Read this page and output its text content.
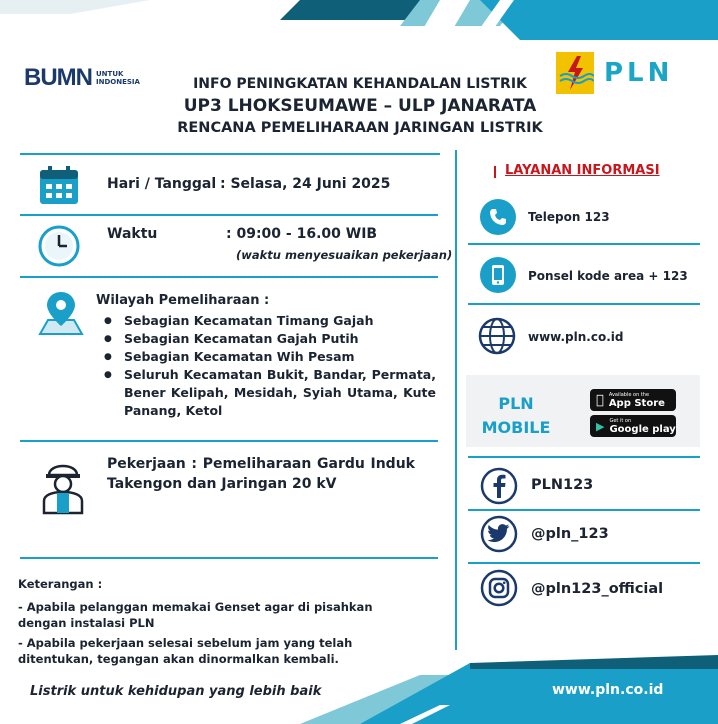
BUMN UNTUK
INDONESIA	PLN
INFO PENINGKATAN KEHANDALAN LISTRIK
UP3 LHOKSEUMAWE – ULP JANARATA
RENCANA PEMELIHARAAN JARINGAN LISTRIK
Hari / Tanggal : Selasa, 24 Juni 2025
Waktu	: 09:00 - 16.00 WIB
(waktu menyesuaikan pekerjaan)
Wilayah Pemeliharaan :
● Sebagian Kecamatan Timang Gajah
● Sebagian Kecamatan Gajah Putih
● Sebagian Kecamatan Wih Pesam
● Seluruh Kecamatan Bukit, Bandar, Permata, Bener Kelipah, Mesidah, Syiah Utama, Kute Panang, Ketol
Pekerjaan : Pemeliharaan Gardu Induk Takengon dan Jaringan 20 kV
Keterangan :
- Apabila pelanggan memakai Genset agar di pisahkan dengan instalasi PLN
- Apabila pekerjaan selesai sebelum jam yang telah ditentukan, tegangan akan dinormalkan kembali.
LAYANAN INFORMASI
Telepon 123
Ponsel kode area + 123
www.pln.co.id
PLN
MOBILE
Available on the
App Store
▶ Get it on
Google play
PLN123
@pln_123
@pln123_official
Listrik untuk kehidupan yang lebih baik	www.pln.co.id
